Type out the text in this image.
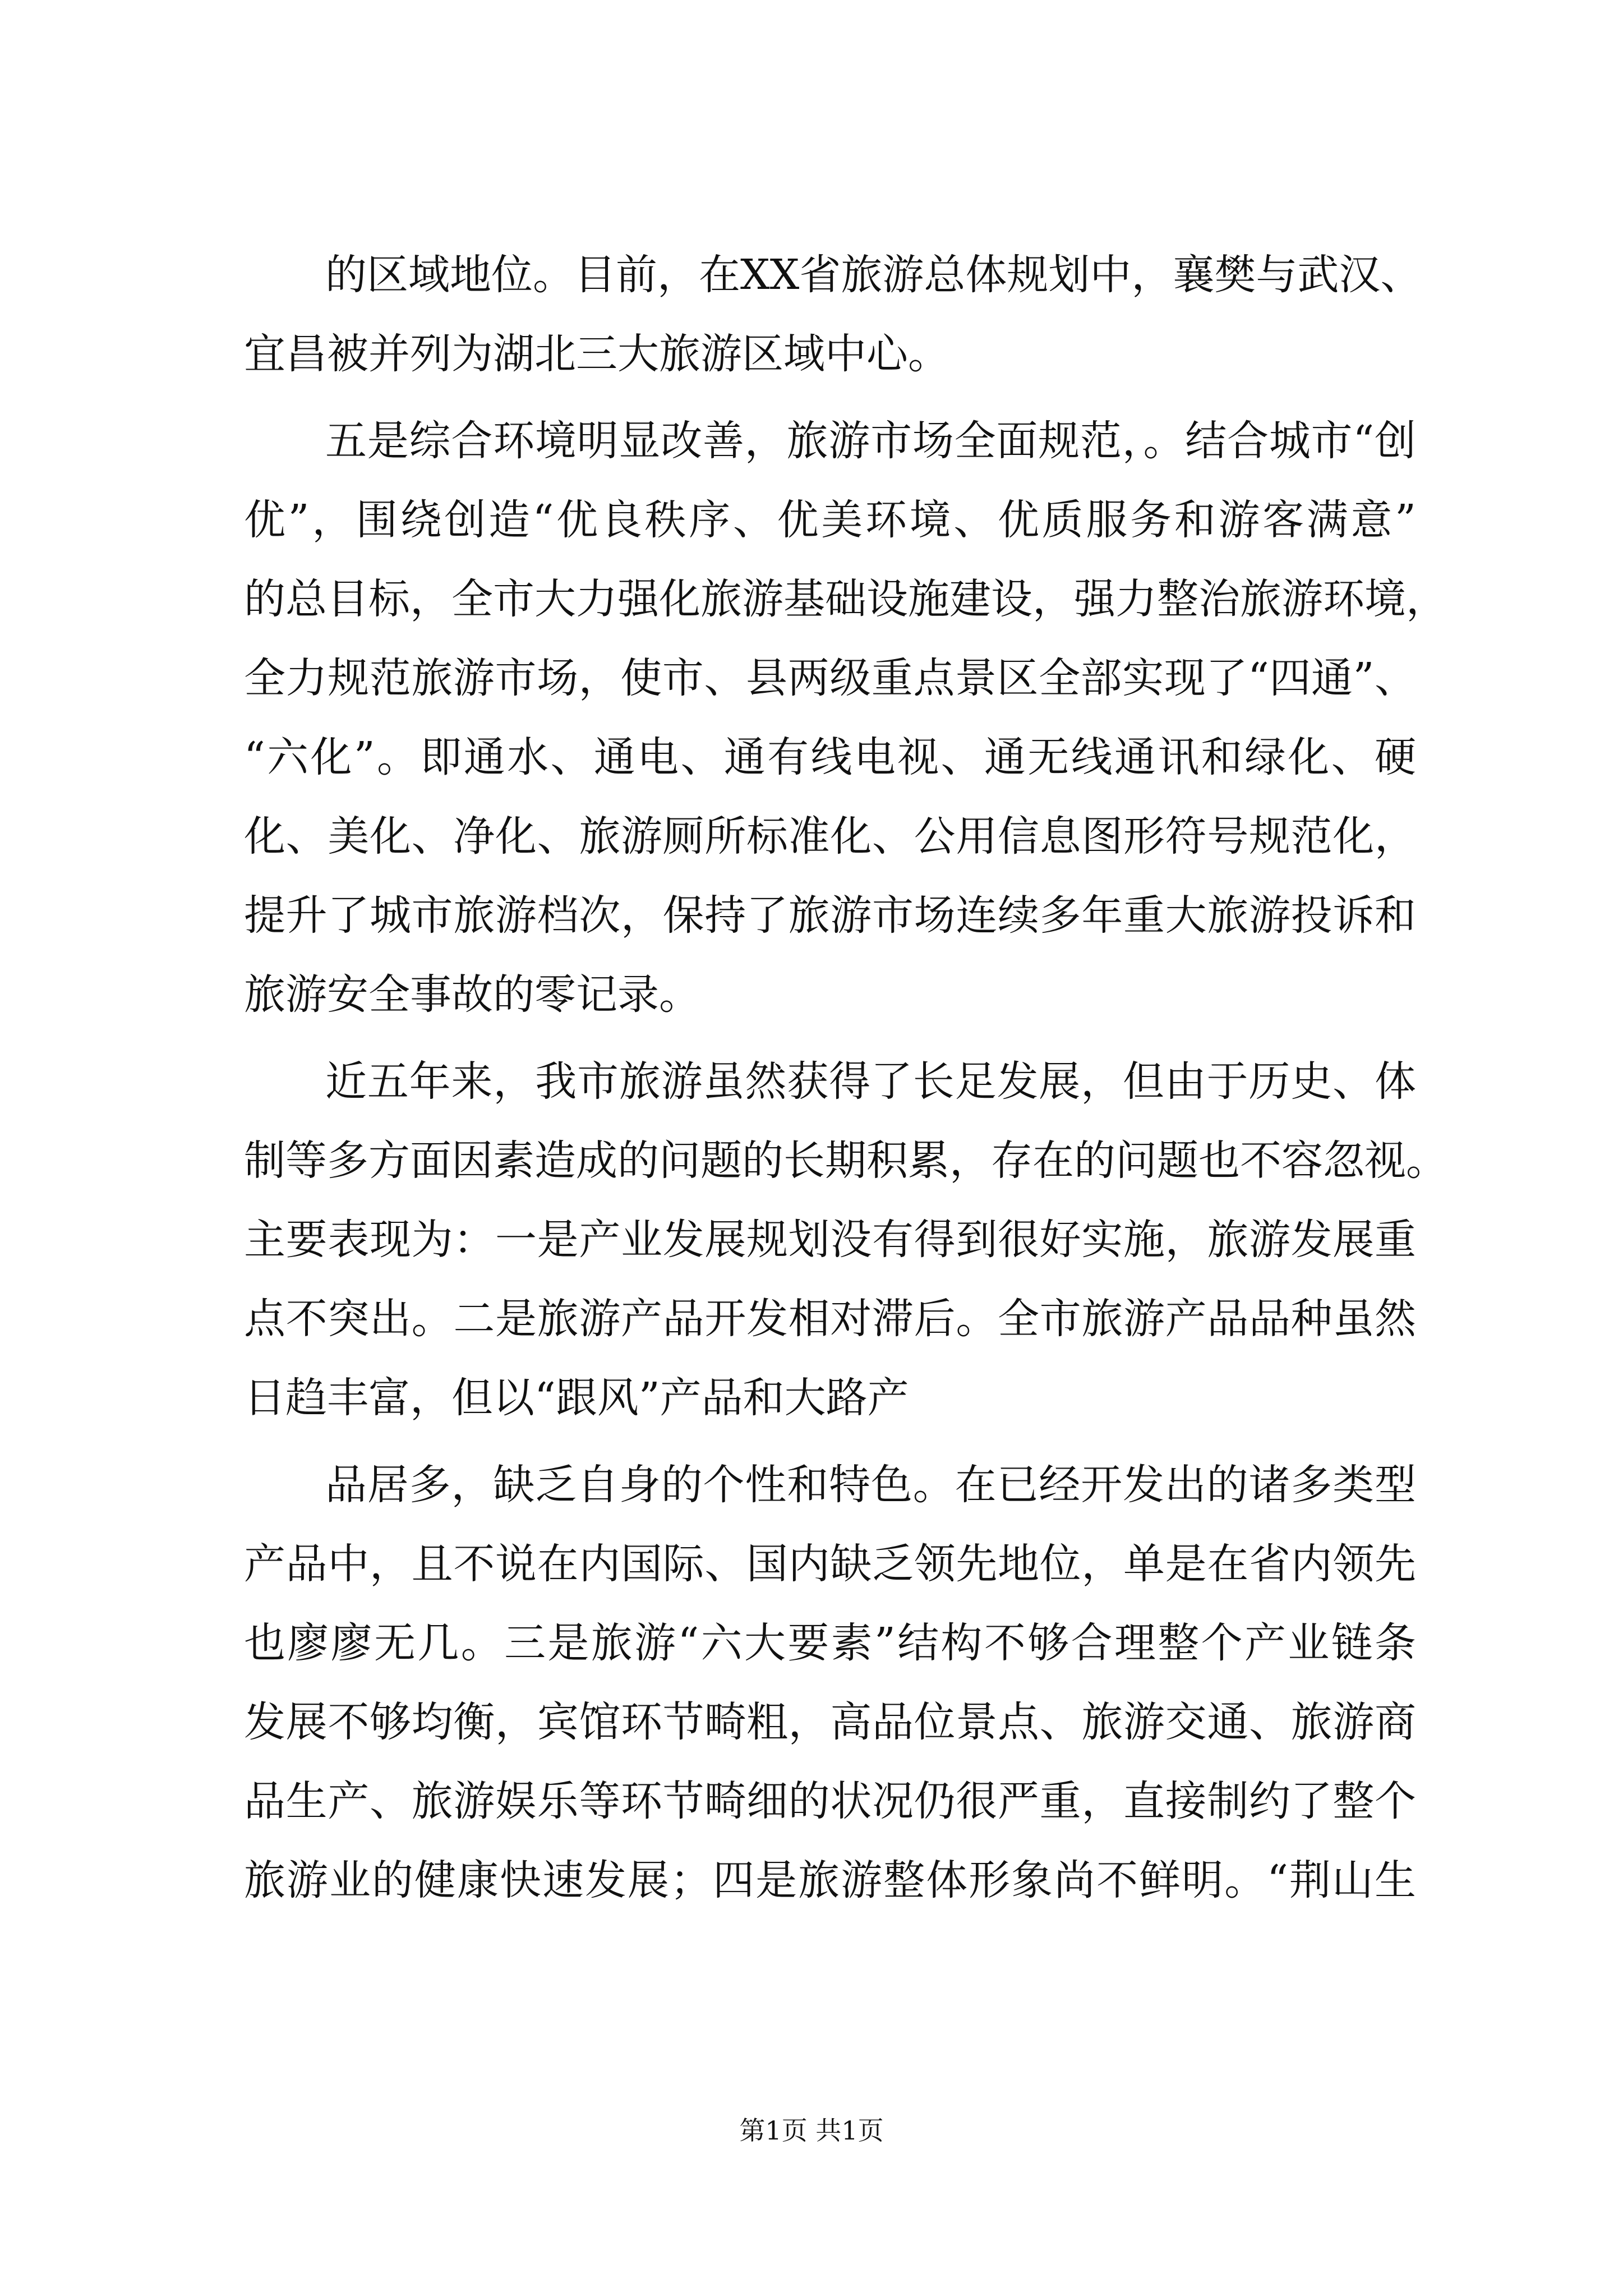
的区域地位。目前，在XX省旅游总体规划中，襄樊与武汉、
宜昌被并列为湖北三大旅游区域中心。
五是综合环境明显改善，旅游市场全面规范，。结合城市“创
优”，围绕创造“优良秩序、优美环境、优质服务和游客满意”
的总目标，全市大力强化旅游基础设施建设，强力整治旅游环境，
全力规范旅游市场，使市、县两级重点景区全部实现了“四通”、
“六化”。即通水、通电、通有线电视、通无线通讯和绿化、硬
化、美化、净化、旅游厕所标准化、公用信息图形符号规范化，
提升了城市旅游档次，保持了旅游市场连续多年重大旅游投诉和
旅游安全事故的零记录。
近五年来，我市旅游虽然获得了长足发展，但由于历史、体
制等多方面因素造成的问题的长期积累，存在的问题也不容忽视。
主要表现为：一是产业发展规划没有得到很好实施，旅游发展重
点不突出。二是旅游产品开发相对滞后。全市旅游产品品种虽然
日趋丰富，但以“跟风”产品和大路产
品居多，缺乏自身的个性和特色。在已经开发出的诸多类型
产品中，且不说在内国际、国内缺乏领先地位，单是在省内领先
也廖廖无几。三是旅游“六大要素”结构不够合理整个产业链条
发展不够均衡，宾馆环节畸粗，高品位景点、旅游交通、旅游商
品生产、旅游娱乐等环节畸细的状况仍很严重，直接制约了整个
旅游业的健康快速发展；四是旅游整体形象尚不鲜明。“荆山生
第1页 共1页
